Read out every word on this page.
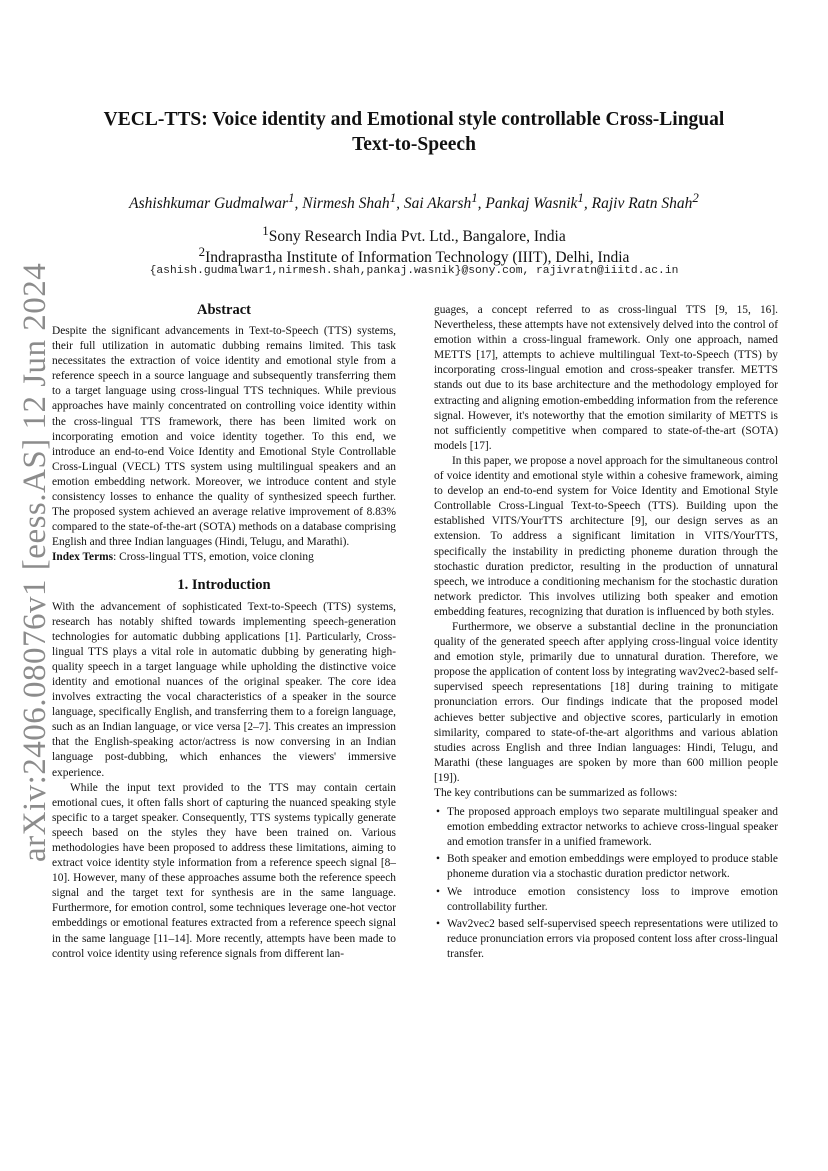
arXiv:2406.08076v1 [eess.AS] 12 Jun 2024
VECL-TTS: Voice identity and Emotional style controllable Cross-Lingual
Text-to-Speech
Ashishkumar Gudmalwar$^1$, Nirmesh Shah$^1$, Sai Akarsh$^1$, Pankaj Wasnik$^1$, Rajiv Ratn Shah$^2$
$^1$Sony Research India Pvt. Ltd., Bangalore, India
$^2$Indraprastha Institute of Information Technology (IIIT), Delhi, India
{ashish.gudmalwar1,nirmesh.shah,pankaj.wasnik}@sony.com, rajivratn@iiitd.ac.in
Abstract

Despite the significant advancements in Text-to-Speech (TTS) systems, their full utilization in automatic dubbing remains limited. This task necessitates the extraction of voice identity and emotional style from a reference speech in a source language and subsequently transferring them to a target language using cross-lingual TTS techniques. While previous approaches have mainly concentrated on controlling voice identity within the cross-lingual TTS framework, there has been limited work on incorporating emotion and voice identity together. To this end, we introduce an end-to-end Voice Identity and Emotional Style Controllable Cross-Lingual (VECL) TTS system using multilingual speakers and an emotion embedding network. Moreover, we introduce content and style consistency losses to enhance the quality of synthesized speech further. The proposed system achieved an average relative improvement of 8.83% compared to the state-of-the-art (SOTA) methods on a database comprising English and three Indian languages (Hindi, Telugu, and Marathi).

Index Terms: Cross-lingual TTS, emotion, voice cloning

1. Introduction

With the advancement of sophisticated Text-to-Speech (TTS) systems, research has notably shifted towards implementing speech-generation technologies for automatic dubbing applications [1]. Particularly, Cross-lingual TTS plays a vital role in automatic dubbing by generating high-quality speech in a target language while upholding the distinctive voice identity and emotional nuances of the original speaker. The core idea involves extracting the vocal characteristics of a speaker in the source language, specifically English, and transferring them to a foreign language, such as an Indian language, or vice versa [2–7]. This creates an impression that the English-speaking actor/actress is now conversing in an Indian language post-dubbing, which enhances the viewers' immersive experience.

While the input text provided to the TTS may contain certain emotional cues, it often falls short of capturing the nuanced speaking style specific to a target speaker. Consequently, TTS systems typically generate speech based on the styles they have been trained on. Various methodologies have been proposed to address these limitations, aiming to extract voice identity style information from a reference speech signal [8–10]. However, many of these approaches assume both the reference speech signal and the target text for synthesis are in the same language. Furthermore, for emotion control, some techniques leverage one-hot vector embeddings or emotional features extracted from a reference speech signal in the same language [11–14]. More recently, attempts have been made to control voice identity using reference signals from different lan-

guages, a concept referred to as cross-lingual TTS [9, 15, 16]. Nevertheless, these attempts have not extensively delved into the control of emotion within a cross-lingual framework. Only one approach, named METTS [17], attempts to achieve multilingual Text-to-Speech (TTS) by incorporating cross-lingual emotion and cross-speaker transfer. METTS stands out due to its base architecture and the methodology employed for extracting and aligning emotion-embedding information from the reference signal. However, it's noteworthy that the emotion similarity of METTS is not sufficiently competitive when compared to state-of-the-art (SOTA) models [17].

In this paper, we propose a novel approach for the simultaneous control of voice identity and emotional style within a cohesive framework, aiming to develop an end-to-end system for Voice Identity and Emotional Style Controllable Cross-Lingual Text-to-Speech (TTS). Building upon the established VITS/YourTTS architecture [9], our design serves as an extension. To address a significant limitation in VITS/YourTTS, specifically the instability in predicting phoneme duration through the stochastic duration predictor, resulting in the production of unnatural speech, we introduce a conditioning mechanism for the stochastic duration network predictor. This involves utilizing both speaker and emotion embedding features, recognizing that duration is influenced by both styles.

Furthermore, we observe a substantial decline in the pronunciation quality of the generated speech after applying cross-lingual voice identity and emotion style, primarily due to unnatural duration. Therefore, we propose the application of content loss by integrating wav2vec2-based self-supervised speech representations [18] during training to mitigate pronunciation errors. Our findings indicate that the proposed model achieves better subjective and objective scores, particularly in emotion similarity, compared to state-of-the-art algorithms and various ablation studies across English and three Indian languages: Hindi, Telugu, and Marathi (these languages are spoken by more than 600 million people [19]).

The key contributions can be summarized as follows:

• The proposed approach employs two separate multilingual speaker and emotion embedding extractor networks to achieve cross-lingual speaker and emotion transfer in a unified framework.
• Both speaker and emotion embeddings were employed to produce stable phoneme duration via a stochastic duration predictor network.
• We introduce emotion consistency loss to improve emotion controllability further.
• Wav2vec2 based self-supervised speech representations were utilized to reduce pronunciation errors via proposed content loss after cross-lingual transfer.
